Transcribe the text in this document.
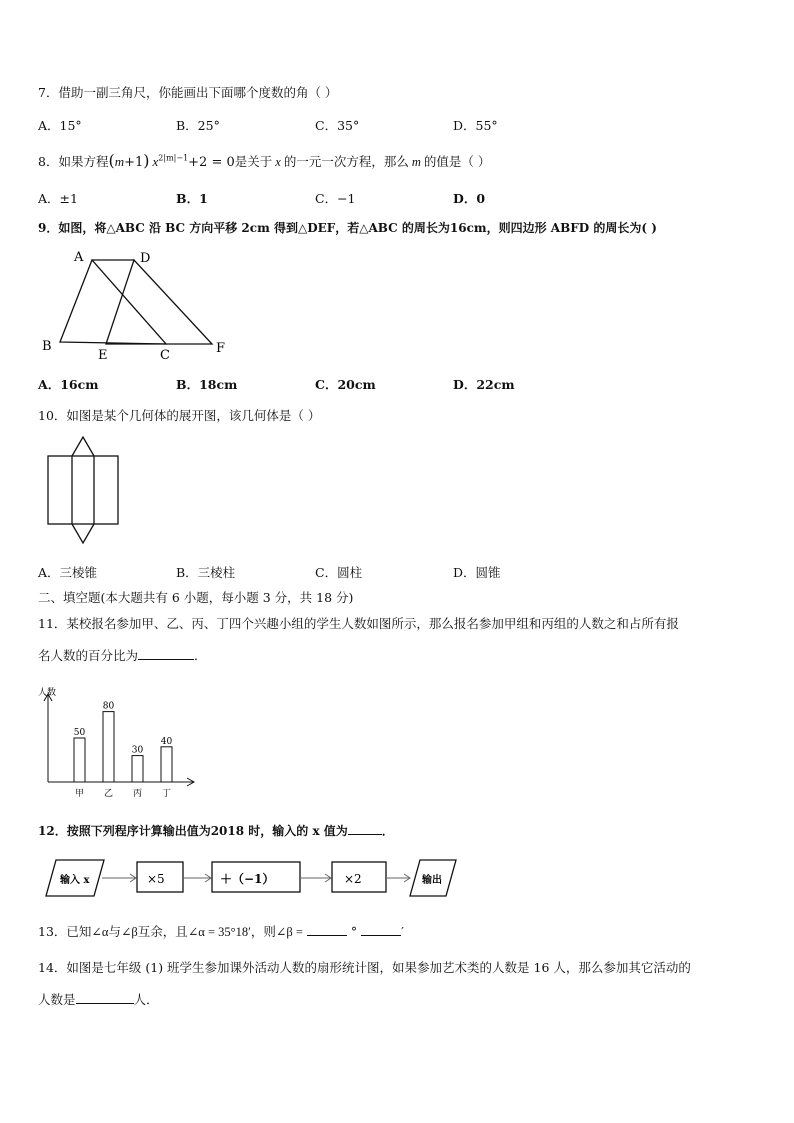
7．借助一副三角尺，你能画出下面哪个度数的角（ ）
A．15°	B．25°	C．35°	D．55°
8．如果方程(m+1) $x^{2|m|-1}+2 = 0$是关于 x 的一元一次方程，那么 m 的值是（ ）
A．±1	B．1	C．−1	D．0
9．如图，将△ABC 沿 BC 方向平移 2cm 得到△DEF，若△ABC 的周长为16cm，则四边形 ABFD 的周长为( )
A	D
B
E	C	F
A．16cm	B．18cm	C．20cm	D．22cm
10．如图是某个几何体的展开图，该几何体是（ ）
A．三棱锥	B．三棱柱	C．圆柱	D．圆锥
二、填空题(本大题共有 6 小题，每小题 3 分，共 18 分)
11．某校报名参加甲、乙、丙、丁四个兴趣小组的学生人数如图所示，那么报名参加甲组和丙组的人数之和占所有报
名人数的百分比为	．
人数
50
甲
80
乙
30
丙
40
丁
12．按照下列程序计算输出值为2018 时，输入的 x 值为	．
输入 x	×5	＋（−1）	×2	输出
13．已知∠α与∠β互余，且∠α = 35°18′，则∠β =	°	′
14．如图是七年级 (1) 班学生参加课外活动人数的扇形统计图，如果参加艺术类的人数是 16 人，那么参加其它活动的
人数是	人．
